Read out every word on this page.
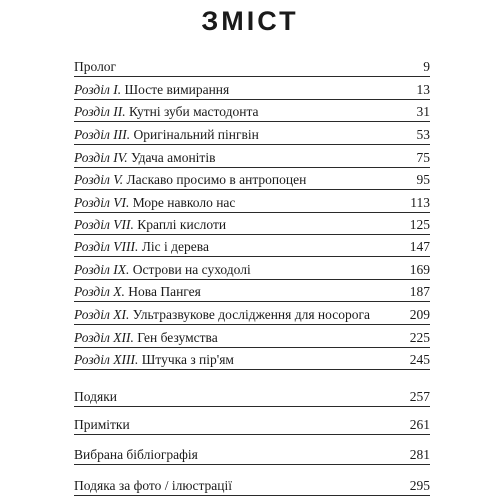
ЗМІСТ
Пролог	9
Розділ I. Шосте вимирання	13
Розділ II. Кутні зуби мастодонта	31
Розділ III. Оригінальний пінгвін	53
Розділ IV. Удача амонітів	75
Розділ V. Ласкаво просимо в антропоцен	95
Розділ VI. Море навколо нас	113
Розділ VII. Краплі кислоти	125
Розділ VIII. Ліс і дерева	147
Розділ IX. Острови на суходолі	169
Розділ X. Нова Пангея	187
Розділ XI. Ультразвукове дослідження для носорога	209
Розділ XII. Ген безумства	225
Розділ XIII. Штучка з пір'ям	245
Подяки	257
Примітки	261
Вибрана бібліографія	281
Подяка за фото / ілюстрації	295
